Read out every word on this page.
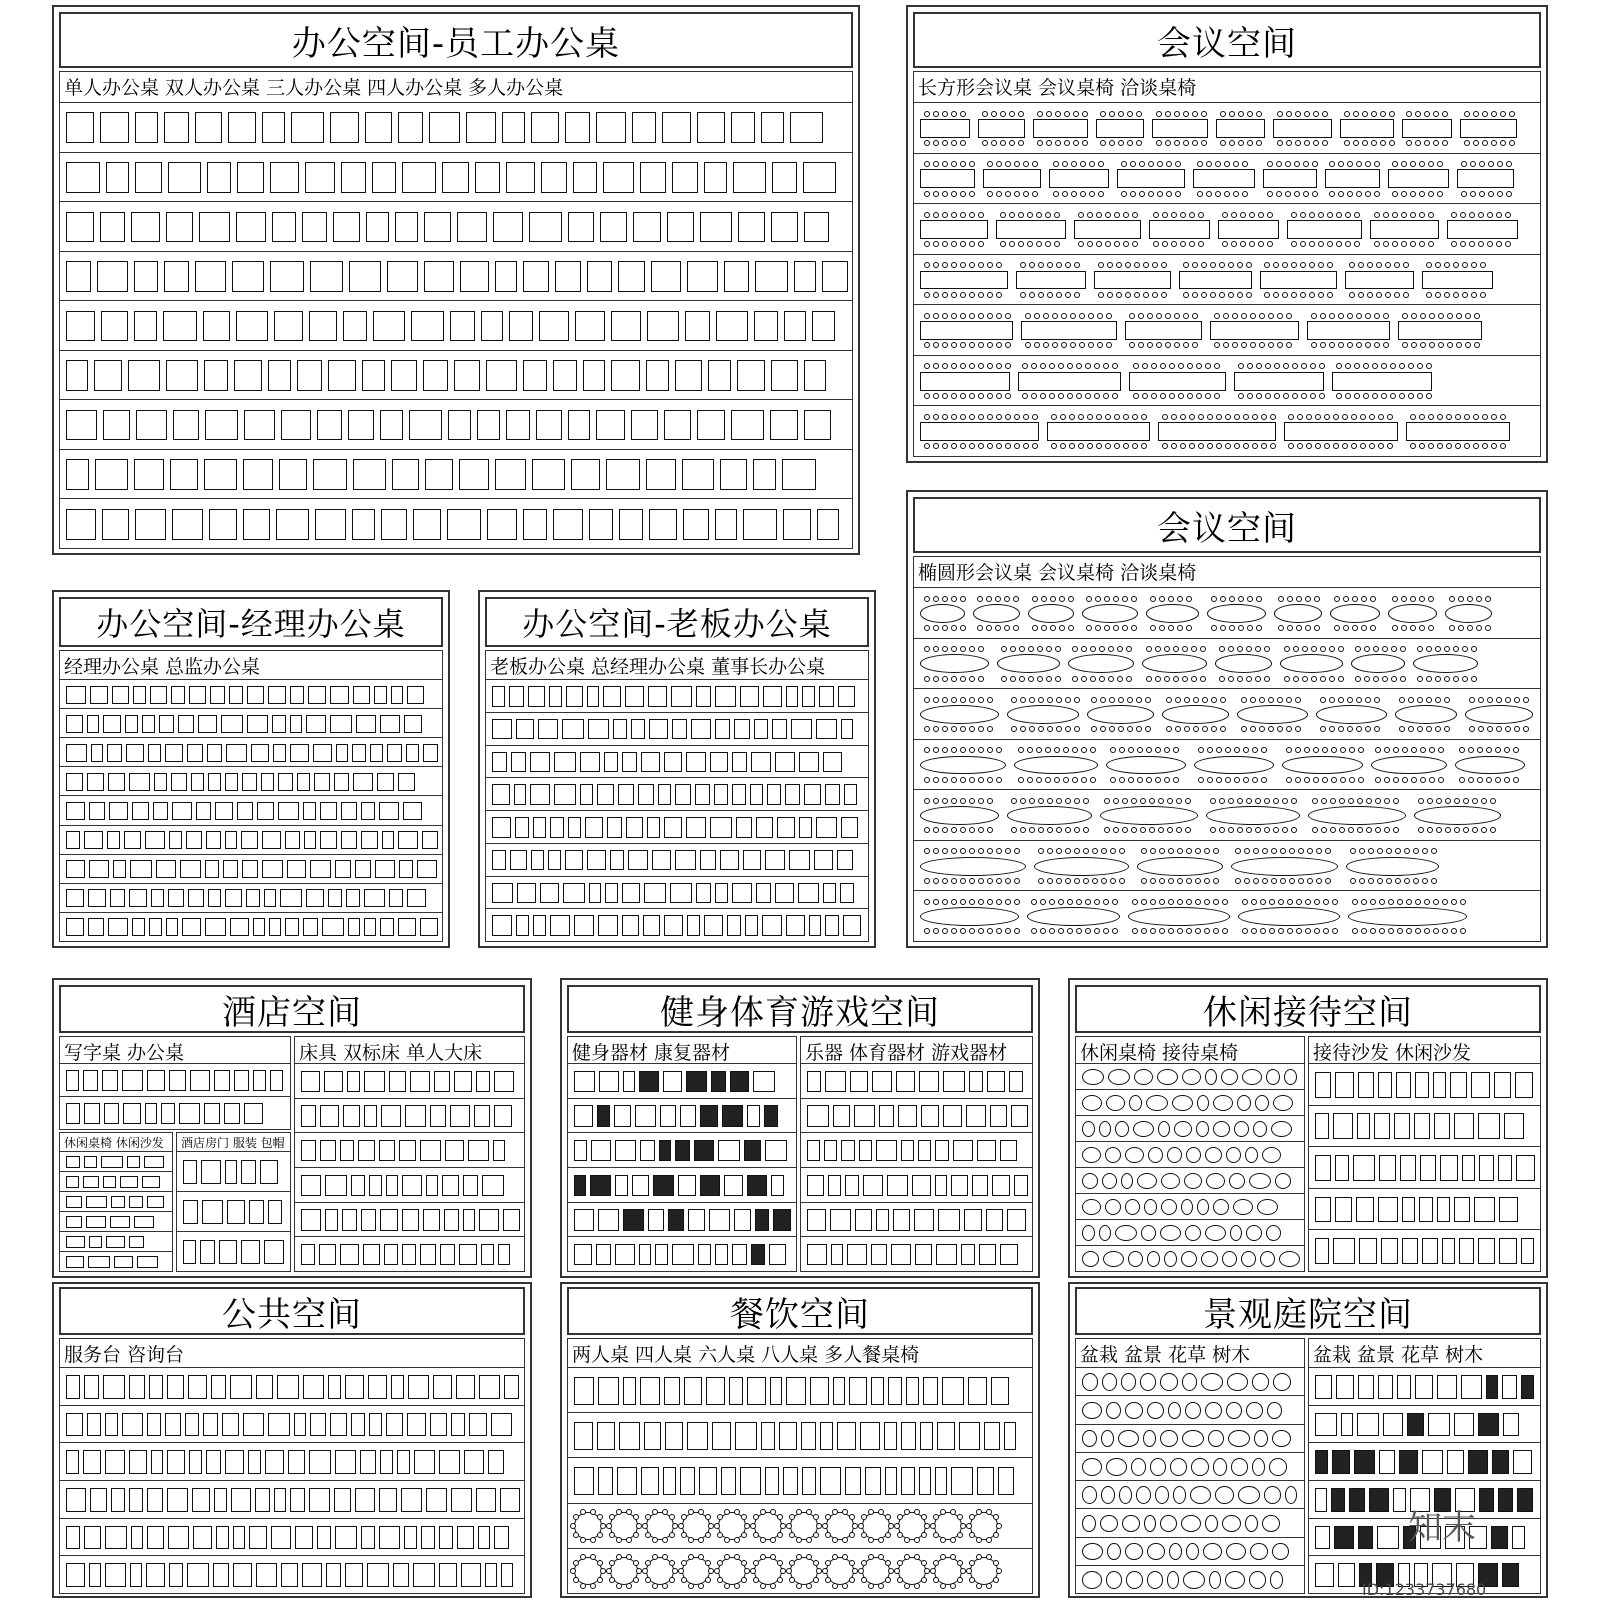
办公空间-员工办公桌
单人办公桌 双人办公桌 三人办公桌 四人办公桌 多人办公桌
会议空间
长方形会议桌 会议桌椅 洽谈桌椅
会议空间
椭圆形会议桌 会议桌椅 洽谈桌椅
办公空间-经理办公桌
经理办公桌 总监办公桌
办公空间-老板办公桌
老板办公桌 总经理办公桌 董事长办公桌
酒店空间
写字桌 办公桌
休闲桌椅 休闲沙发 酒店房门 服装 包帽
床具 双标床 单人大床
公共空间
服务台 咨询台
健身体育游戏空间
健身器材 康复器材	乐器 体育器材 游戏器材
餐饮空间
两人桌 四人桌 六人桌 八人桌 多人餐桌椅
休闲接待空间
休闲桌椅 接待桌椅	接待沙发 休闲沙发
景观庭院空间
盆栽 盆景 花草 树木	盆栽 盆景 花草 树木
知末
ID:1233737680
